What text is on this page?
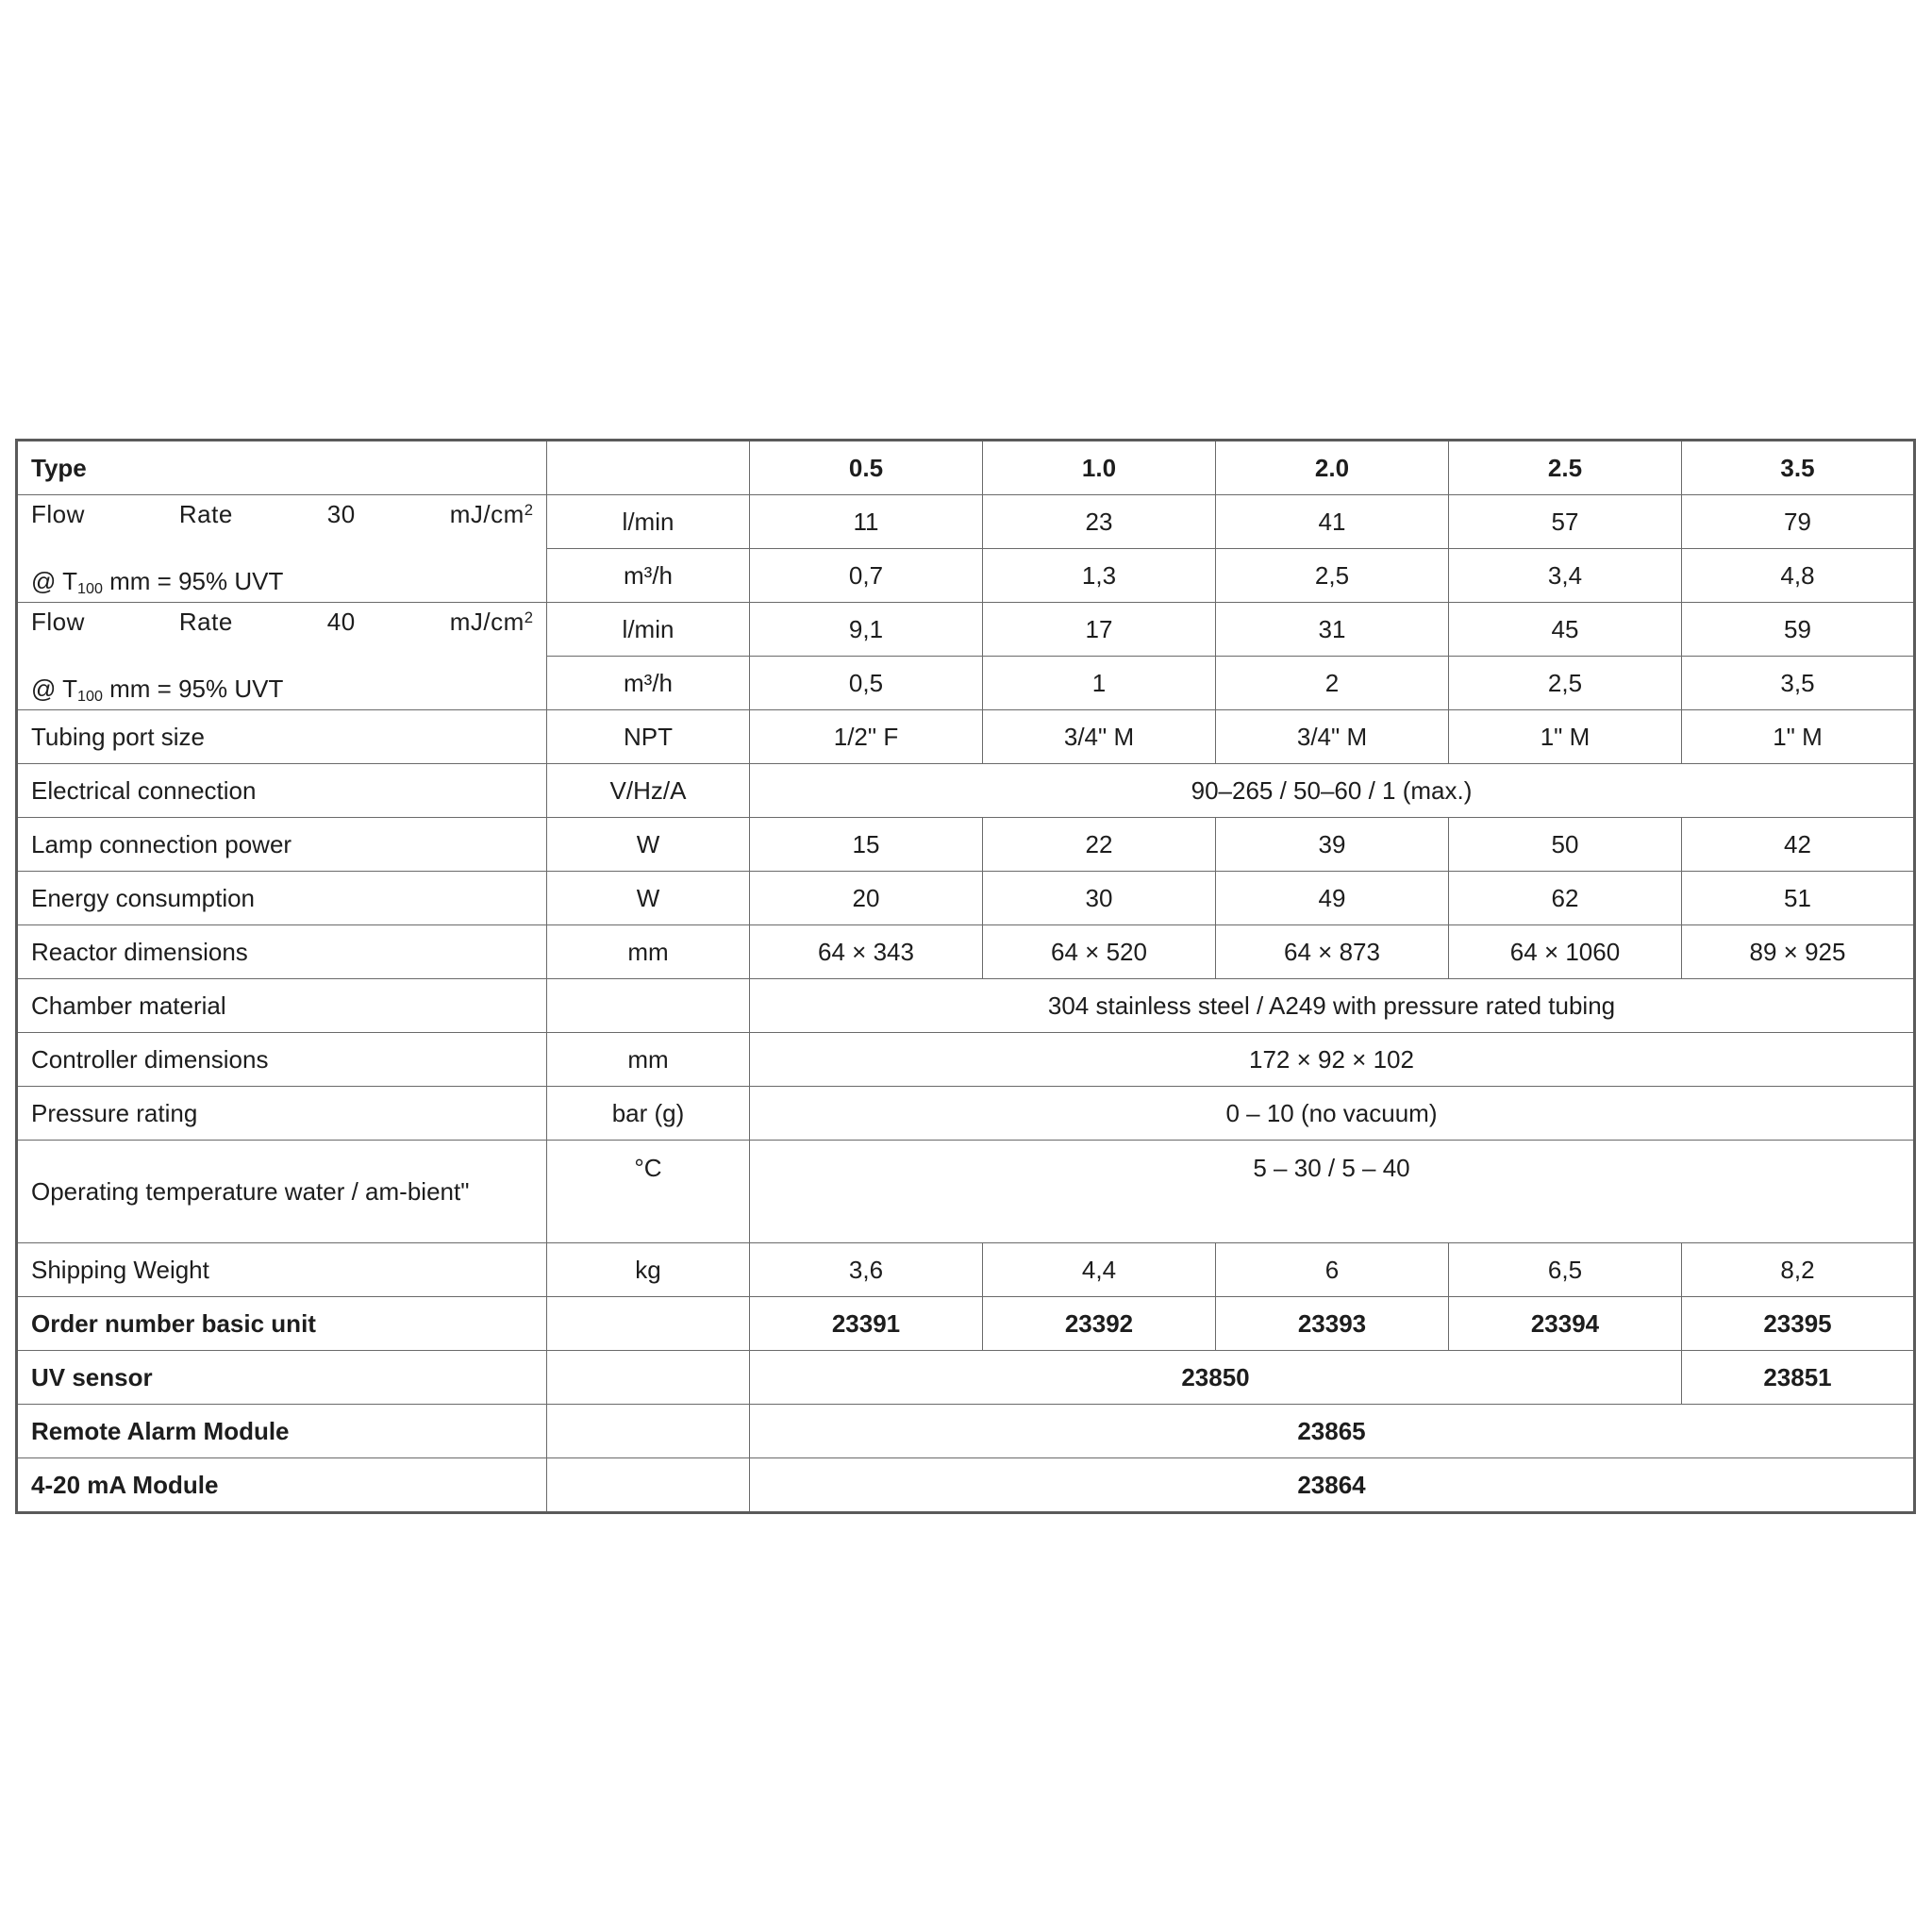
Type		0.5	1.0	2.0	2.5	3.5

Flow Rate 30 $mJ/cm^2$
@ $T_{100}$ mm = 95% UVT	l/min	11	23	41	57	79
	m³/h	0,7	1,3	2,5	3,4	4,8

Flow Rate 40 $mJ/cm^2$
@ $T_{100}$ mm = 95% UVT	l/min	9,1	17	31	45	59
	m³/h	0,5	1	2	2,5	3,5
Tubing port size	NPT	1/2" F	3/4" M	3/4" M	1" M	1" M
Electrical connection	V/Hz/A	90–265 / 50–60 / 1 (max.)				
Lamp connection power	W	15	22	39	50	42
Energy consumption	W	20	30	49	62	51
Reactor dimensions	mm	64 × 343	64 × 520	64 × 873	64 × 1060	89 × 925
Chamber material		304 stainless steel / A249 with pressure rated tubing				
Controller dimensions	mm	172 × 92 × 102				
Pressure rating	bar (g)	0 – 10 (no vacuum)				
Operating temperature water / am-bient"	°C	5 – 30 / 5 – 40				
Shipping Weight	kg	3,6	4,4	6	6,5	8,2
Order number basic unit		23391	23392	23393	23394	23395
UV sensor		23850				23851
Remote Alarm Module		23865				
4-20 mA Module		23864				
